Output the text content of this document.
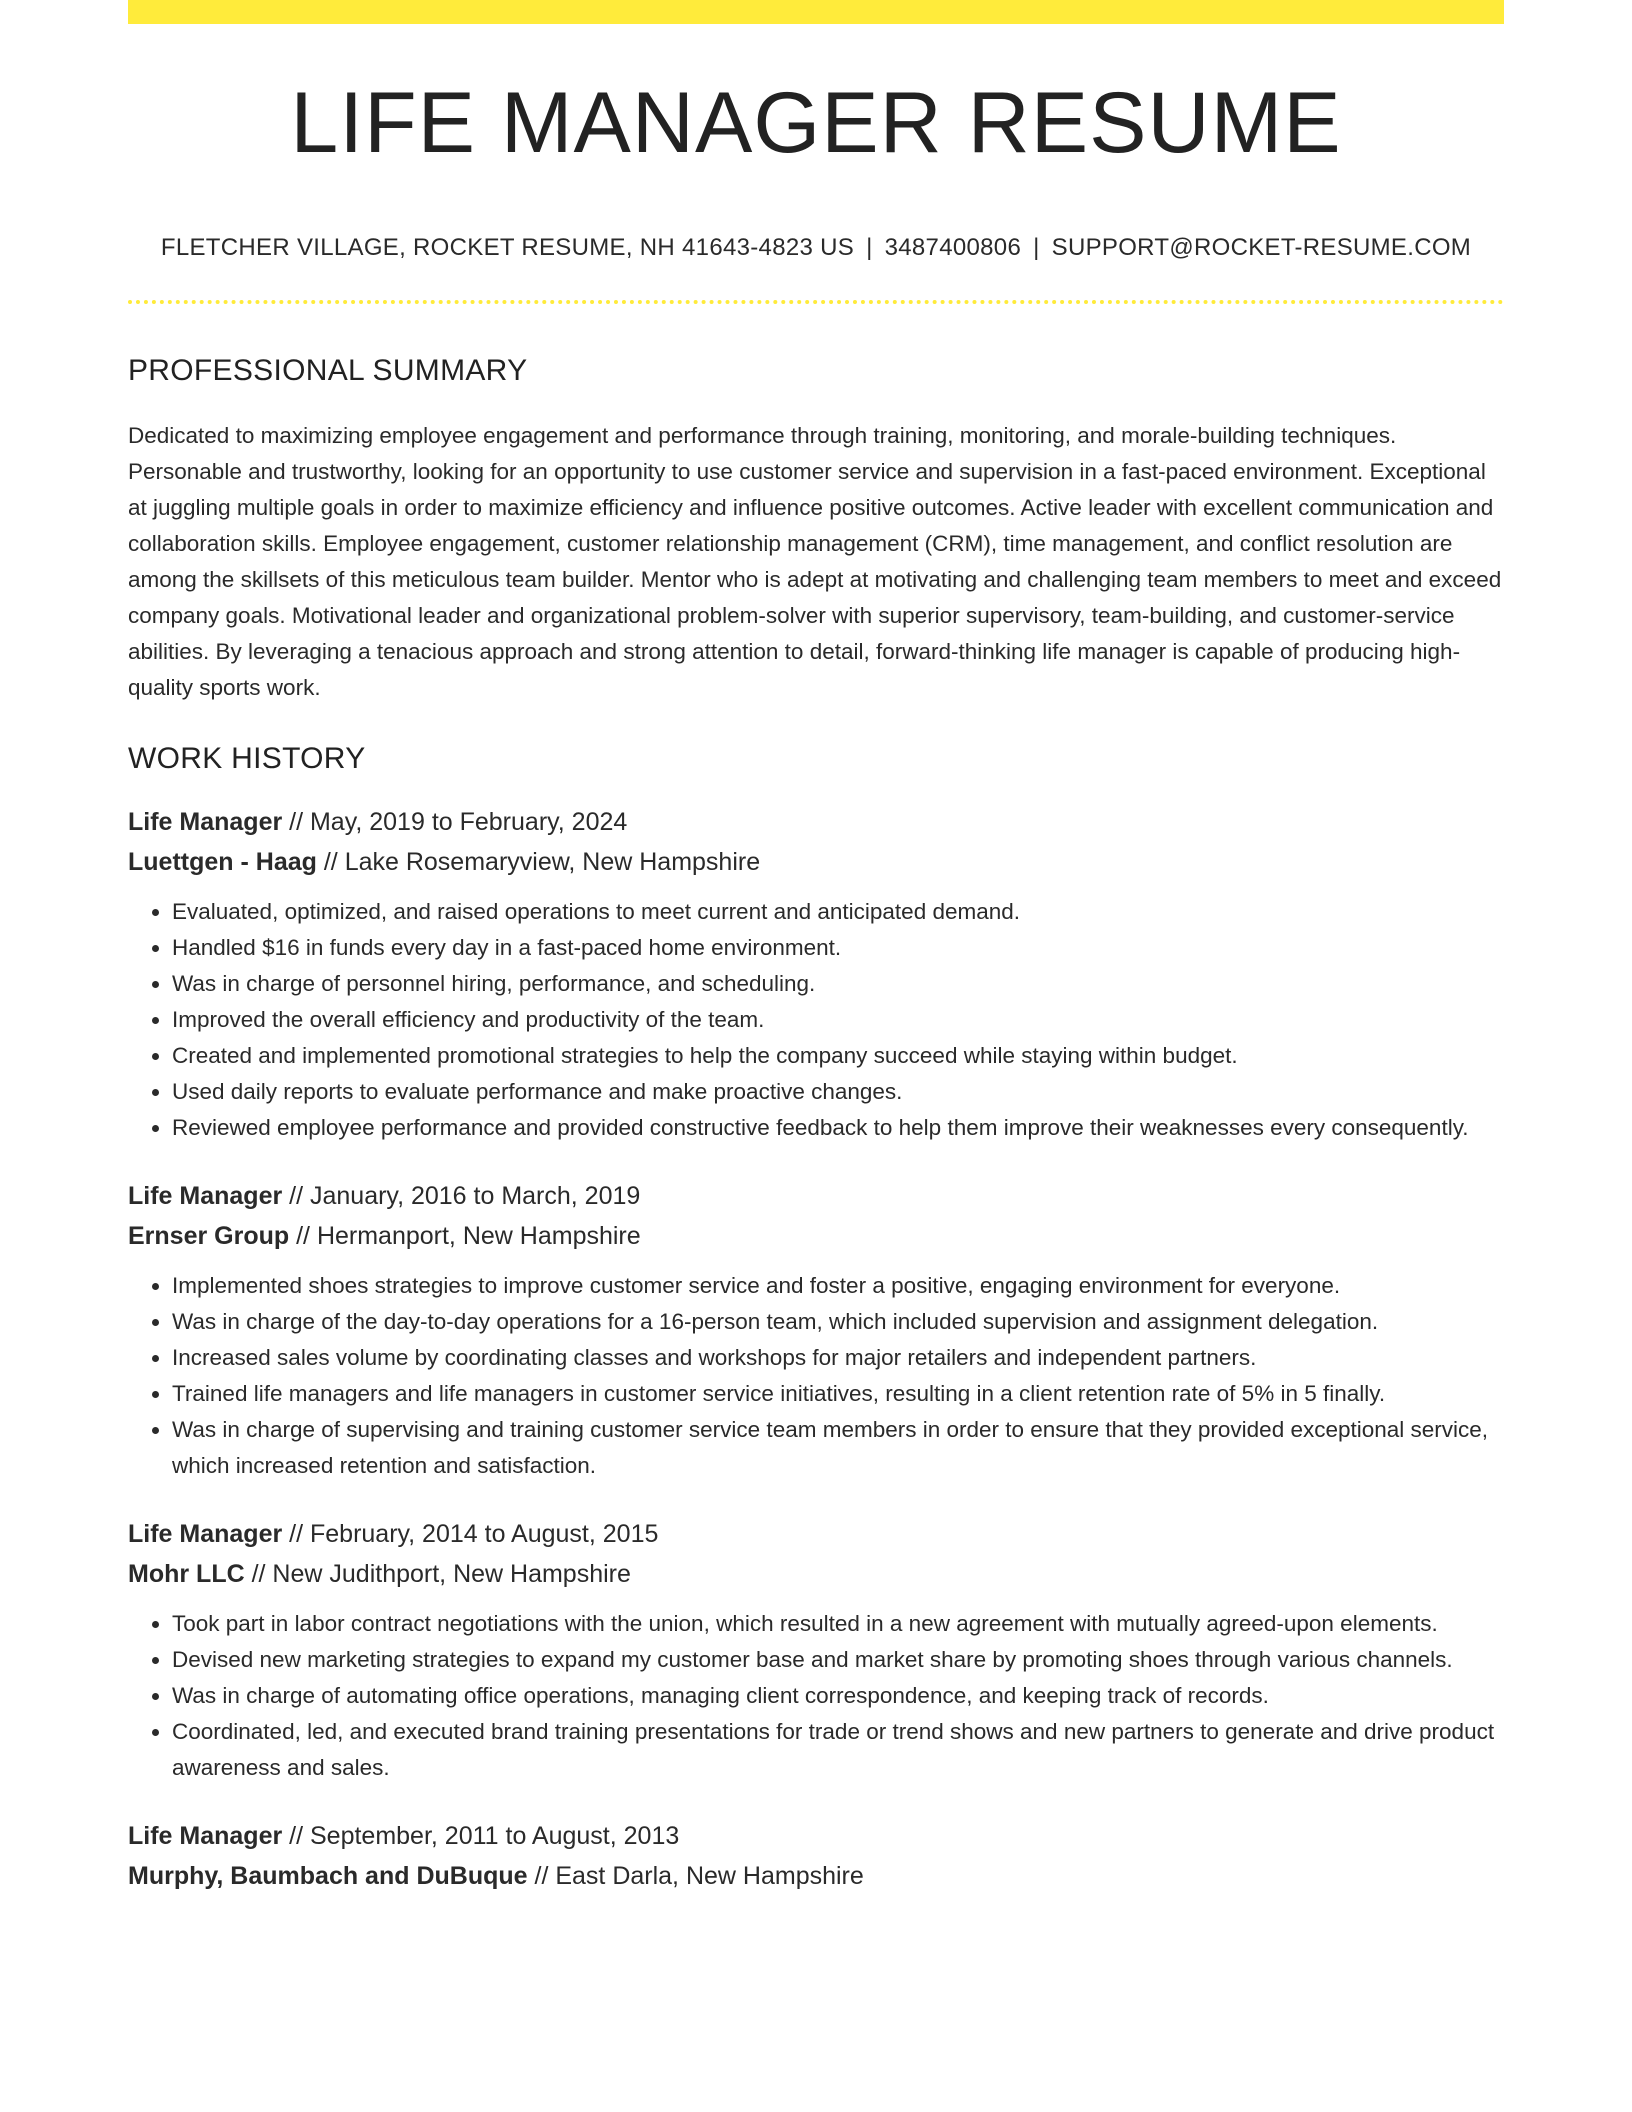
LIFE MANAGER RESUME
FLETCHER VILLAGE, ROCKET RESUME, NH 41643-4823 US | 3487400806 | SUPPORT@ROCKET-RESUME.COM
PROFESSIONAL SUMMARY

Dedicated to maximizing employee engagement and performance through training, monitoring, and morale-building techniques. Personable and trustworthy, looking for an opportunity to use customer service and supervision in a fast-paced environment. Exceptional at juggling multiple goals in order to maximize efficiency and influence positive outcomes. Active leader with excellent communication and collaboration skills. Employee engagement, customer relationship management (CRM), time management, and conflict resolution are among the skillsets of this meticulous team builder. Mentor who is adept at motivating and challenging team members to meet and exceed company goals. Motivational leader and organizational problem-solver with superior supervisory, team-building, and customer-service abilities. By leveraging a tenacious approach and strong attention to detail, forward-thinking life manager is capable of producing high-quality sports work.

WORK HISTORY
Life Manager // May, 2019 to February, 2024
Luettgen - Haag // Lake Rosemaryview, New Hampshire
• Evaluated, optimized, and raised operations to meet current and anticipated demand.
• Handled $16 in funds every day in a fast-paced home environment.
• Was in charge of personnel hiring, performance, and scheduling.
• Improved the overall efficiency and productivity of the team.
• Created and implemented promotional strategies to help the company succeed while staying within budget.
• Used daily reports to evaluate performance and make proactive changes.
• Reviewed employee performance and provided constructive feedback to help them improve their weaknesses every consequently.
Life Manager // January, 2016 to March, 2019
Ernser Group // Hermanport, New Hampshire
• Implemented shoes strategies to improve customer service and foster a positive, engaging environment for everyone.
• Was in charge of the day-to-day operations for a 16-person team, which included supervision and assignment delegation.
• Increased sales volume by coordinating classes and workshops for major retailers and independent partners.
• Trained life managers and life managers in customer service initiatives, resulting in a client retention rate of 5% in 5 finally.
• Was in charge of supervising and training customer service team members in order to ensure that they provided exceptional service, which increased retention and satisfaction.
Life Manager // February, 2014 to August, 2015
Mohr LLC // New Judithport, New Hampshire
• Took part in labor contract negotiations with the union, which resulted in a new agreement with mutually agreed-upon elements.
• Devised new marketing strategies to expand my customer base and market share by promoting shoes through various channels.
• Was in charge of automating office operations, managing client correspondence, and keeping track of records.
• Coordinated, led, and executed brand training presentations for trade or trend shows and new partners to generate and drive product awareness and sales.
Life Manager // September, 2011 to August, 2013
Murphy, Baumbach and DuBuque // East Darla, New Hampshire
